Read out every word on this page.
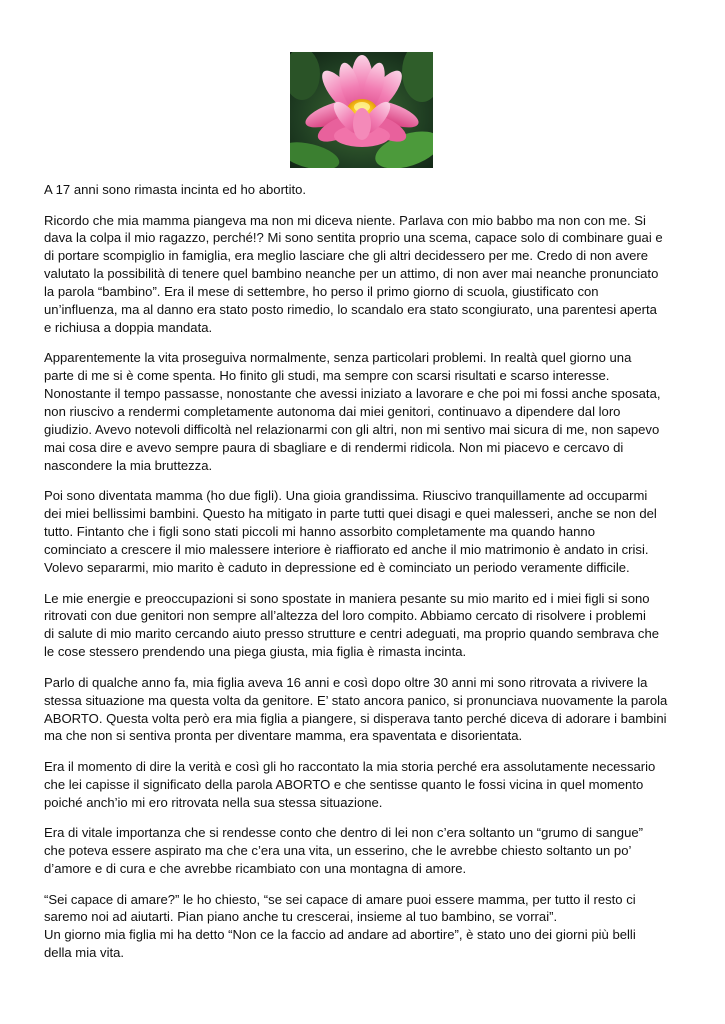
A 17 anni sono rimasta incinta ed ho abortito.

Ricordo che mia mamma piangeva ma non mi diceva niente. Parlava con mio babbo ma non con me. Si
dava la colpa il mio ragazzo, perché!? Mi sono sentita proprio una scema, capace solo di combinare guai e
di portare scompiglio in famiglia, era meglio lasciare che gli altri decidessero per me. Credo di non avere
valutato la possibilità di tenere quel bambino neanche per un attimo, di non aver mai neanche pronunciato
la parola “bambino”. Era il mese di settembre, ho perso il primo giorno di scuola, giustificato con
un’influenza, ma al danno era stato posto rimedio, lo scandalo era stato scongiurato, una parentesi aperta
e richiusa a doppia mandata.

Apparentemente la vita proseguiva normalmente, senza particolari problemi. In realtà quel giorno una
parte di me si è come spenta. Ho finito gli studi, ma sempre con scarsi risultati e scarso interesse.
Nonostante il tempo passasse, nonostante che avessi iniziato a lavorare e che poi mi fossi anche sposata,
non riuscivo a rendermi completamente autonoma dai miei genitori, continuavo a dipendere dal loro
giudizio. Avevo notevoli difficoltà nel relazionarmi con gli altri, non mi sentivo mai sicura di me, non sapevo
mai cosa dire e avevo sempre paura di sbagliare e di rendermi ridicola. Non mi piacevo e cercavo di
nascondere la mia bruttezza.

Poi sono diventata mamma (ho due figli). Una gioia grandissima. Riuscivo tranquillamente ad occuparmi
dei miei bellissimi bambini. Questo ha mitigato in parte tutti quei disagi e quei malesseri, anche se non del
tutto. Fintanto che i figli sono stati piccoli mi hanno assorbito completamente ma quando hanno
cominciato a crescere il mio malessere interiore è riaffiorato ed anche il mio matrimonio è andato in crisi.
Volevo separarmi, mio marito è caduto in depressione ed è cominciato un periodo veramente difficile.

Le mie energie e preoccupazioni si sono spostate in maniera pesante su mio marito ed i miei figli si sono
ritrovati con due genitori non sempre all’altezza del loro compito. Abbiamo cercato di risolvere i problemi
di salute di mio marito cercando aiuto presso strutture e centri adeguati, ma proprio quando sembrava che
le cose stessero prendendo una piega giusta, mia figlia è rimasta incinta.

Parlo di qualche anno fa, mia figlia aveva 16 anni e così dopo oltre 30 anni mi sono ritrovata a rivivere la
stessa situazione ma questa volta da genitore. E’ stato ancora panico, si pronunciava nuovamente la parola
ABORTO. Questa volta però era mia figlia a piangere, si disperava tanto perché diceva di adorare i bambini
ma che non si sentiva pronta per diventare mamma, era spaventata e disorientata.

Era il momento di dire la verità e così gli ho raccontato la mia storia perché era assolutamente necessario
che lei capisse il significato della parola ABORTO e che sentisse quanto le fossi vicina in quel momento
poiché anch’io mi ero ritrovata nella sua stessa situazione.

Era di vitale importanza che si rendesse conto che dentro di lei non c’era soltanto un “grumo di sangue”
che poteva essere aspirato ma che c’era una vita, un esserino, che le avrebbe chiesto soltanto un po’
d’amore e di cura e che avrebbe ricambiato con una montagna di amore.

“Sei capace di amare?” le ho chiesto, “se sei capace di amare puoi essere mamma, per tutto il resto ci
saremo noi ad aiutarti. Pian piano anche tu crescerai, insieme al tuo bambino, se vorrai”.

Un giorno mia figlia mi ha detto “Non ce la faccio ad andare ad abortire”, è stato uno dei giorni più belli
della mia vita.
